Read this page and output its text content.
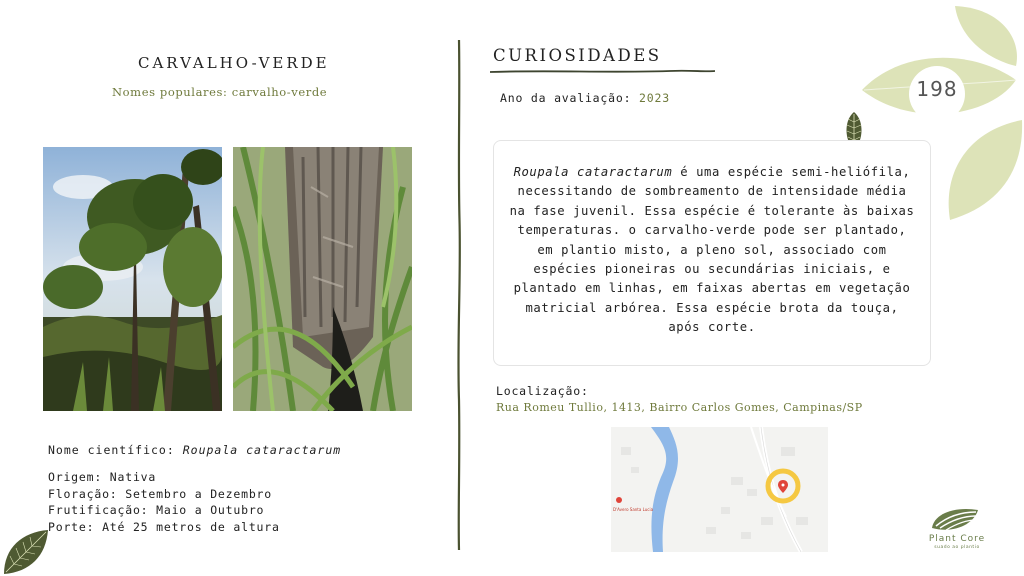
198
CARVALHO-VERDE
Nomes populares: carvalho-verde
Nome científico: Roupala cataractarum
Origem: Nativa
Floração: Setembro a Dezembro
Frutificação: Maio a Outubro
Porte: Até 25 metros de altura
CURIOSIDADES
Ano da avaliação: 2023

Roupala cataractarum é uma espécie semi-heliófila, necessitando de sombreamento de intensidade média na fase juvenil. Essa espécie é tolerante às baixas temperaturas. o carvalho-verde pode ser plantado, em plantio misto, a pleno sol, associado com espécies pioneiras ou secundárias iniciais, e plantado em linhas, em faixas abertas em vegetação matricial arbórea. Essa espécie brota da touça, após corte.

Localização:
Rua Romeu Tullio, 1413, Bairro Carlos Gomes, Campinas/SP
D'Avero Santa Lucia
Plant Core
suado ao plantio
